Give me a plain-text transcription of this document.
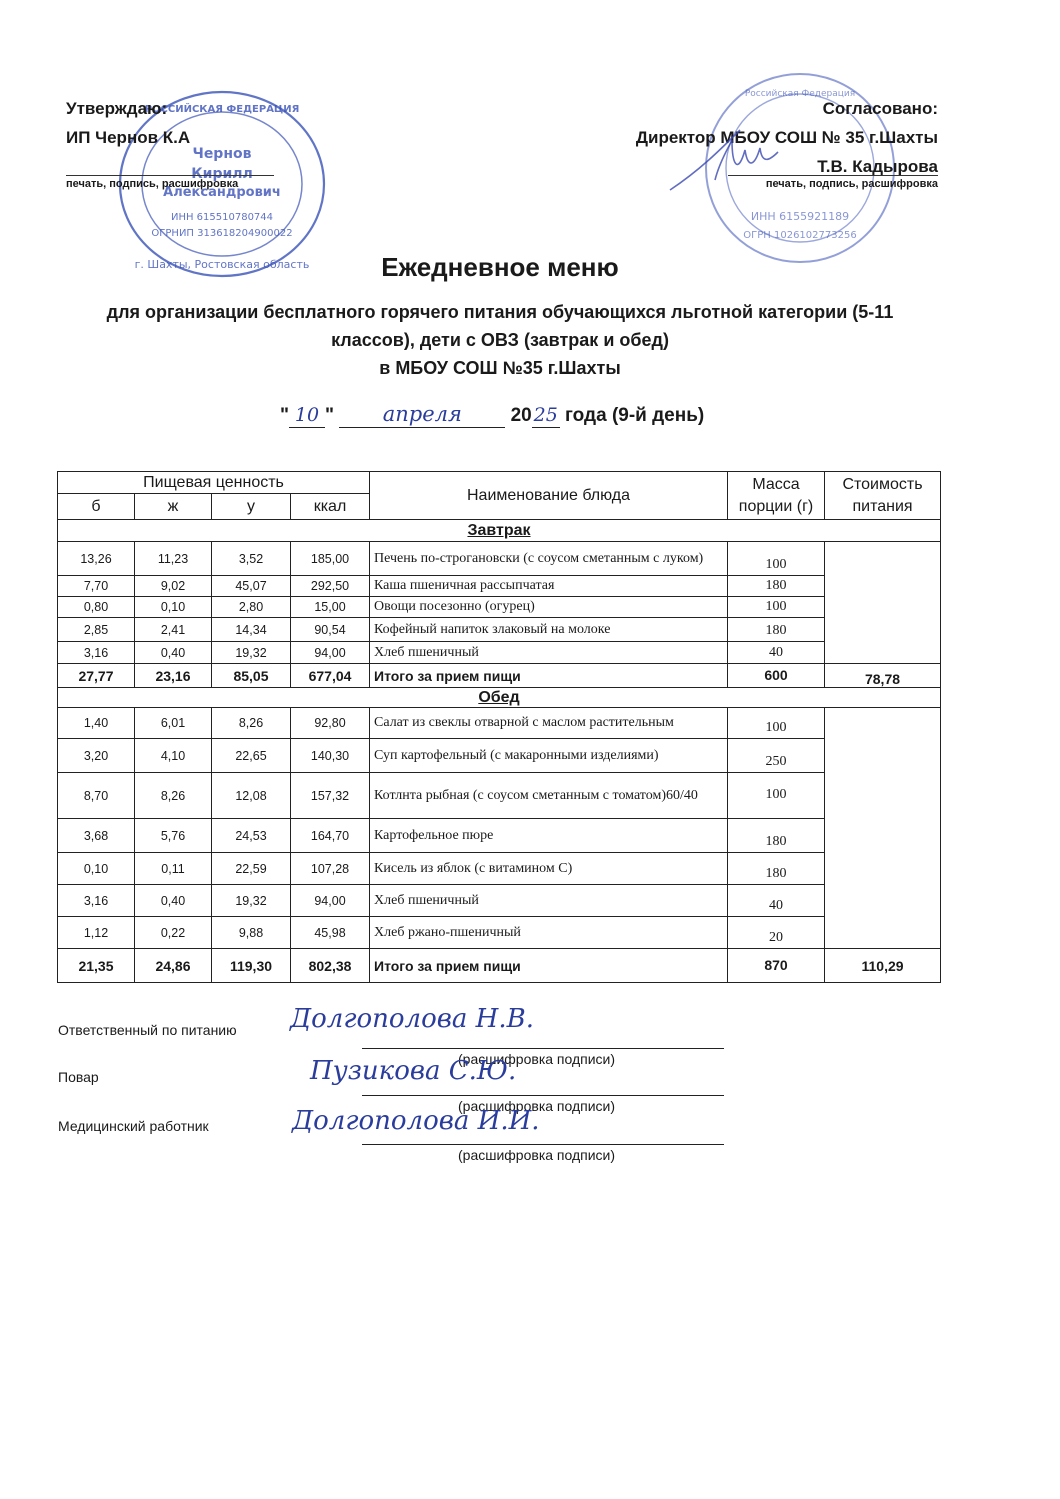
Чернов
Кирилл
Александрович
ИНН 615510780744
ОГРНИП 313618204900022
г. Шахты, Ростовская область
РОССИЙСКАЯ ФЕДЕРАЦИЯ
ИНН 6155921189
ОГРН 1026102773256
Российская Федерация
Утверждаю:
ИП Чернов К.А
печать, подпись, расшифровка
Согласовано:
Директор МБОУ СОШ № 35 г.Шахты
Т.В. Кадырова
печать, подпись, расшифровка
Ежедневное меню
для организации бесплатного горячего питания обучающихся льготной категории (5-11
классов), дети с ОВЗ (завтрак и обед)
в МБОУ СОШ №35 г.Шахты
" 10 " апреля	20 25 года (9-й день)
Пищевая ценность				Наименование блюда	Масса порции (г)	Стоимость питания
б	ж	у	ккал			
Завтрак						
13,26	11,23	3,52	185,00	Печень по-строгановски (с соусом сметанным с луком)	100	
7,70	9,02	45,07	292,50	Каша пшеничная рассыпчатая	180	
0,80	0,10	2,80	15,00	Овощи посезонно (огурец)	100	
2,85	2,41	14,34	90,54	Кофейный напиток злаковый на молоке	180	
3,16	0,40	19,32	94,00	Хлеб пшеничный	40	
27,77	23,16	85,05	677,04	Итого за прием пищи	600	78,78
Обед						
1,40	6,01	8,26	92,80	Салат из свеклы отварной с маслом растительным	100	
3,20	4,10	22,65	140,30	Суп картофельный (с макаронными изделиями)	250	
8,70	8,26	12,08	157,32	Котлнта рыбная (с соусом сметанным с томатом)60/40	100	
3,68	5,76	24,53	164,70	Картофельное пюре	180	
0,10	0,11	22,59	107,28	Кисель из яблок (с витамином С)	180	
3,16	0,40	19,32	94,00	Хлеб пшеничный	40	
1,12	0,22	9,88	45,98	Хлеб ржано-пшеничный	20	
21,35	24,86	119,30	802,38	Итого за прием пищи	870	110,29
Ответственный по питанию Долгополова Н.В.
(расшифровка подписи)
Повар	Пузикова С.Ю.
(расшифровка подписи)
Медицинский работник	Долгополова И.И.
(расшифровка подписи)
